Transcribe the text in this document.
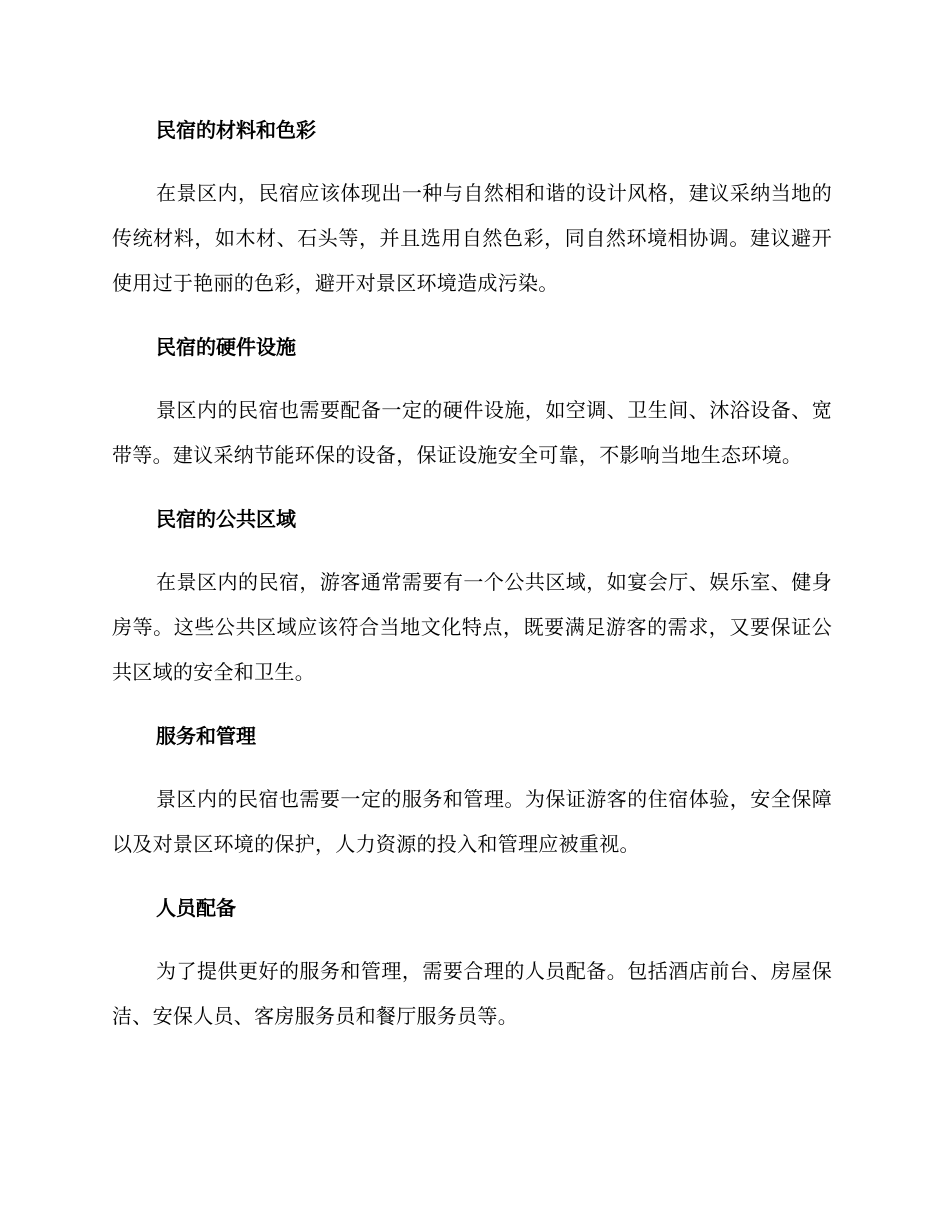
民宿的材料和色彩

在景区内，民宿应该体现出一种与自然相和谐的设计风格，建议采纳当地的传统材料，如木材、石头等，并且选用自然色彩，同自然环境相协调。建议避开使用过于艳丽的色彩，避开对景区环境造成污染。

民宿的硬件设施

景区内的民宿也需要配备一定的硬件设施，如空调、卫生间、沐浴设备、宽带等。建议采纳节能环保的设备，保证设施安全可靠，不影响当地生态环境。

民宿的公共区域

在景区内的民宿，游客通常需要有一个公共区域，如宴会厅、娱乐室、健身房等。这些公共区域应该符合当地文化特点，既要满足游客的需求，又要保证公共区域的安全和卫生。

服务和管理

景区内的民宿也需要一定的服务和管理。为保证游客的住宿体验，安全保障以及对景区环境的保护，人力资源的投入和管理应被重视。

人员配备

为了提供更好的服务和管理，需要合理的人员配备。包括酒店前台、房屋保洁、安保人员、客房服务员和餐厅服务员等。
